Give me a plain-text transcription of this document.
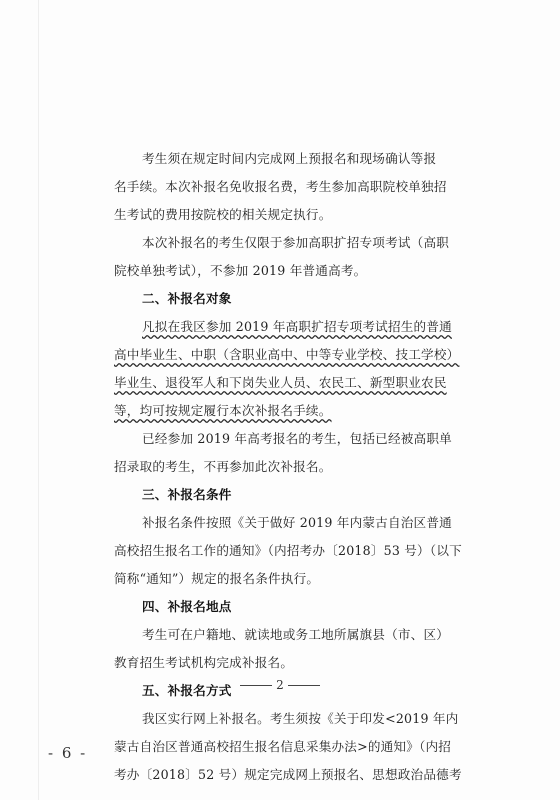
考生须在规定时间内完成网上预报名和现场确认等报
名手续。本次补报名免收报名费，考生参加高职院校单独招
生考试的费用按院校的相关规定执行。
本次补报名的考生仅限于参加高职扩招专项考试（高职
院校单独考试），不参加 2019 年普通高考。
二、补报名对象
凡拟在我区参加 2019 年高职扩招专项考试招生的普通
高中毕业生、中职（含职业高中、中等专业学校、技工学校）
毕业生、退役军人和下岗失业人员、农民工、新型职业农民
等，均可按规定履行本次补报名手续。
已经参加 2019 年高考报名的考生，包括已经被高职单
招录取的考生，不再参加此次补报名。
三、补报名条件
补报名条件按照《关于做好 2019 年内蒙古自治区普通
高校招生报名工作的通知》（内招考办〔2018〕53 号）（以下
简称“通知”）规定的报名条件执行。
四、补报名地点
考生可在户籍地、就读地或务工地所属旗县（市、区）
教育招生考试机构完成补报名。
五、补报名方式
我区实行网上补报名。考生须按《关于印发<2019 年内
蒙古自治区普通高校招生报名信息采集办法>的通知》（内招
考办〔2018〕52 号）规定完成网上预报名、思想政治品德考
2
- 6 -
